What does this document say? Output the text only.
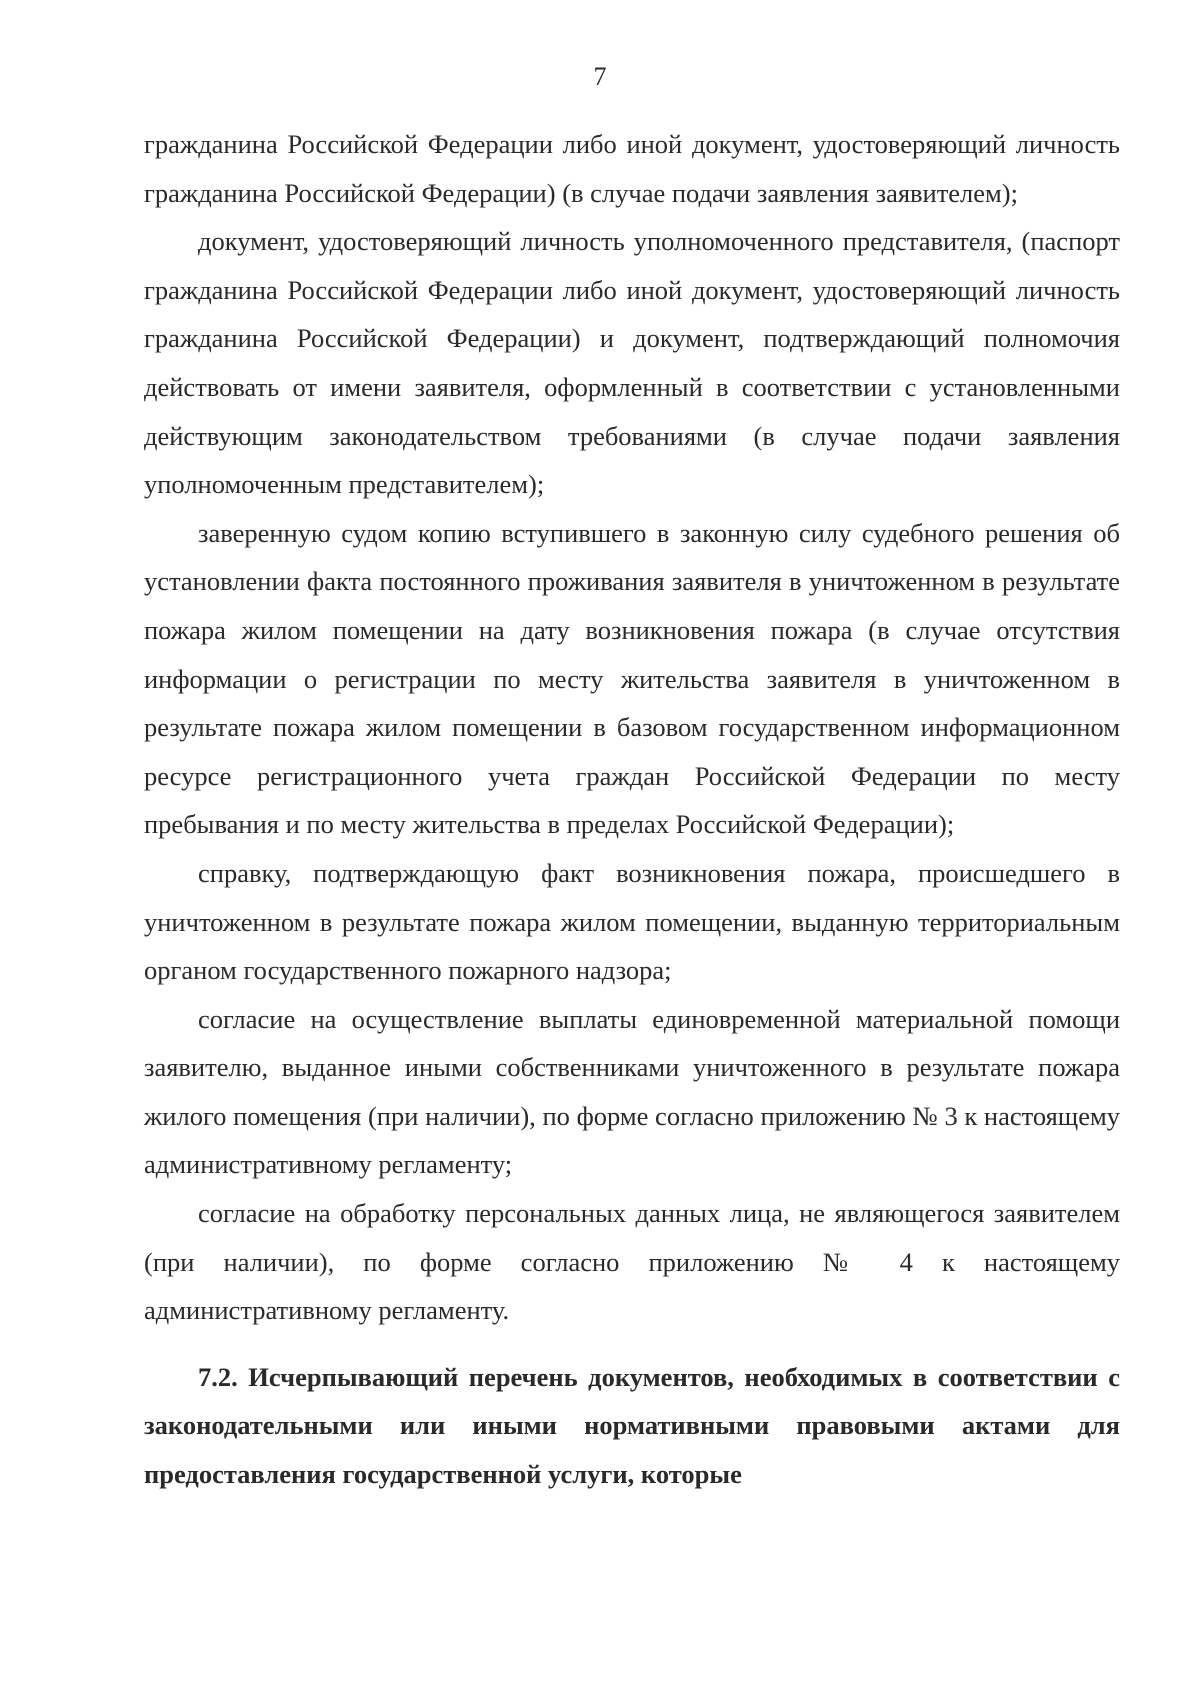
7

гражданина Российской Федерации либо иной документ, удостоверяющий личность гражданина Российской Федерации) (в случае подачи заявления заявителем);

документ, удостоверяющий личность уполномоченного представителя, (паспорт гражданина Российской Федерации либо иной документ, удостоверяющий личность гражданина Российской Федерации) и документ, подтверждающий полномочия действовать от имени заявителя, оформленный в соответствии с установленными действующим законодательством требованиями (в случае подачи заявления уполномоченным представителем);

заверенную судом копию вступившего в законную силу судебного решения об установлении факта постоянного проживания заявителя в уничтоженном в результате пожара жилом помещении на дату возникновения пожара (в случае отсутствия информации о регистрации по месту жительства заявителя в уничтоженном в результате пожара жилом помещении в базовом государственном информационном ресурсе регистрационного учета граждан Российской Федерации по месту пребывания и по месту жительства в пределах Российской Федерации);

справку, подтверждающую факт возникновения пожара, происшедшего в уничтоженном в результате пожара жилом помещении, выданную территориальным органом государственного пожарного надзора;

согласие на осуществление выплаты единовременной материальной помощи заявителю, выданное иными собственниками уничтоженного в результате пожара жилого помещения (при наличии), по форме согласно приложению № 3 к настоящему административному регламенту;

согласие на обработку персональных данных лица, не являющегося заявителем (при наличии), по форме согласно приложению № 4 к настоящему административному регламенту.

7.2. Исчерпывающий перечень документов, необходимых в соответствии с законодательными или иными нормативными правовыми актами для предоставления государственной услуги, которые
